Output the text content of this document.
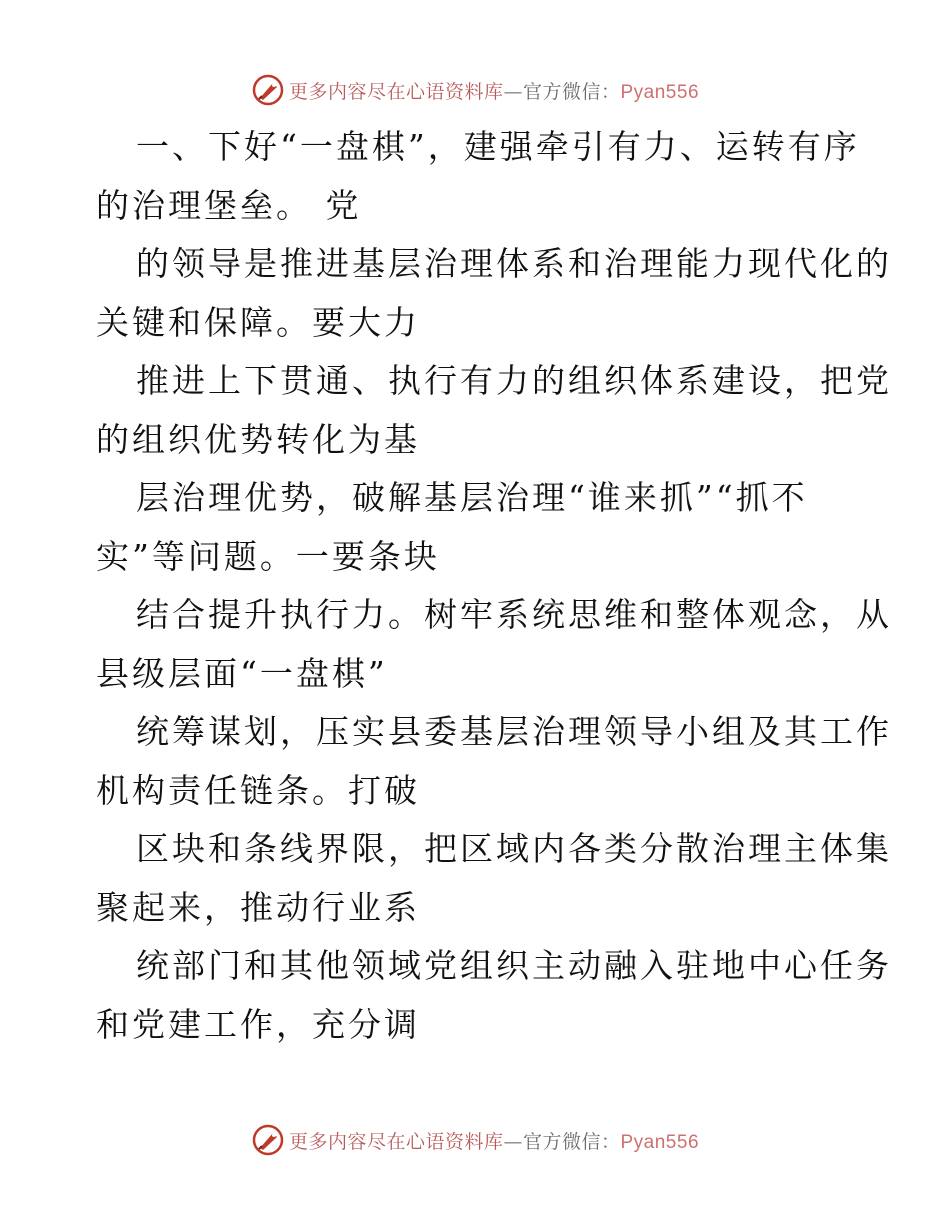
更多内容尽在心语资料库—官方微信：Pyan556
一、下好“一盘棋”，建强牵引有力、运转有序
的治理堡垒。 党
的领导是推进基层治理体系和治理能力现代化的
关键和保障。要大力
推进上下贯通、执行有力的组织体系建设，把党
的组织优势转化为基
层治理优势，破解基层治理“谁来抓”“抓不
实”等问题。一要条块
结合提升执行力。树牢系统思维和整体观念，从
县级层面“一盘棋”
统筹谋划，压实县委基层治理领导小组及其工作
机构责任链条。打破
区块和条线界限，把区域内各类分散治理主体集
聚起来，推动行业系
统部门和其他领域党组织主动融入驻地中心任务
和党建工作，充分调
更多内容尽在心语资料库—官方微信：Pyan556
